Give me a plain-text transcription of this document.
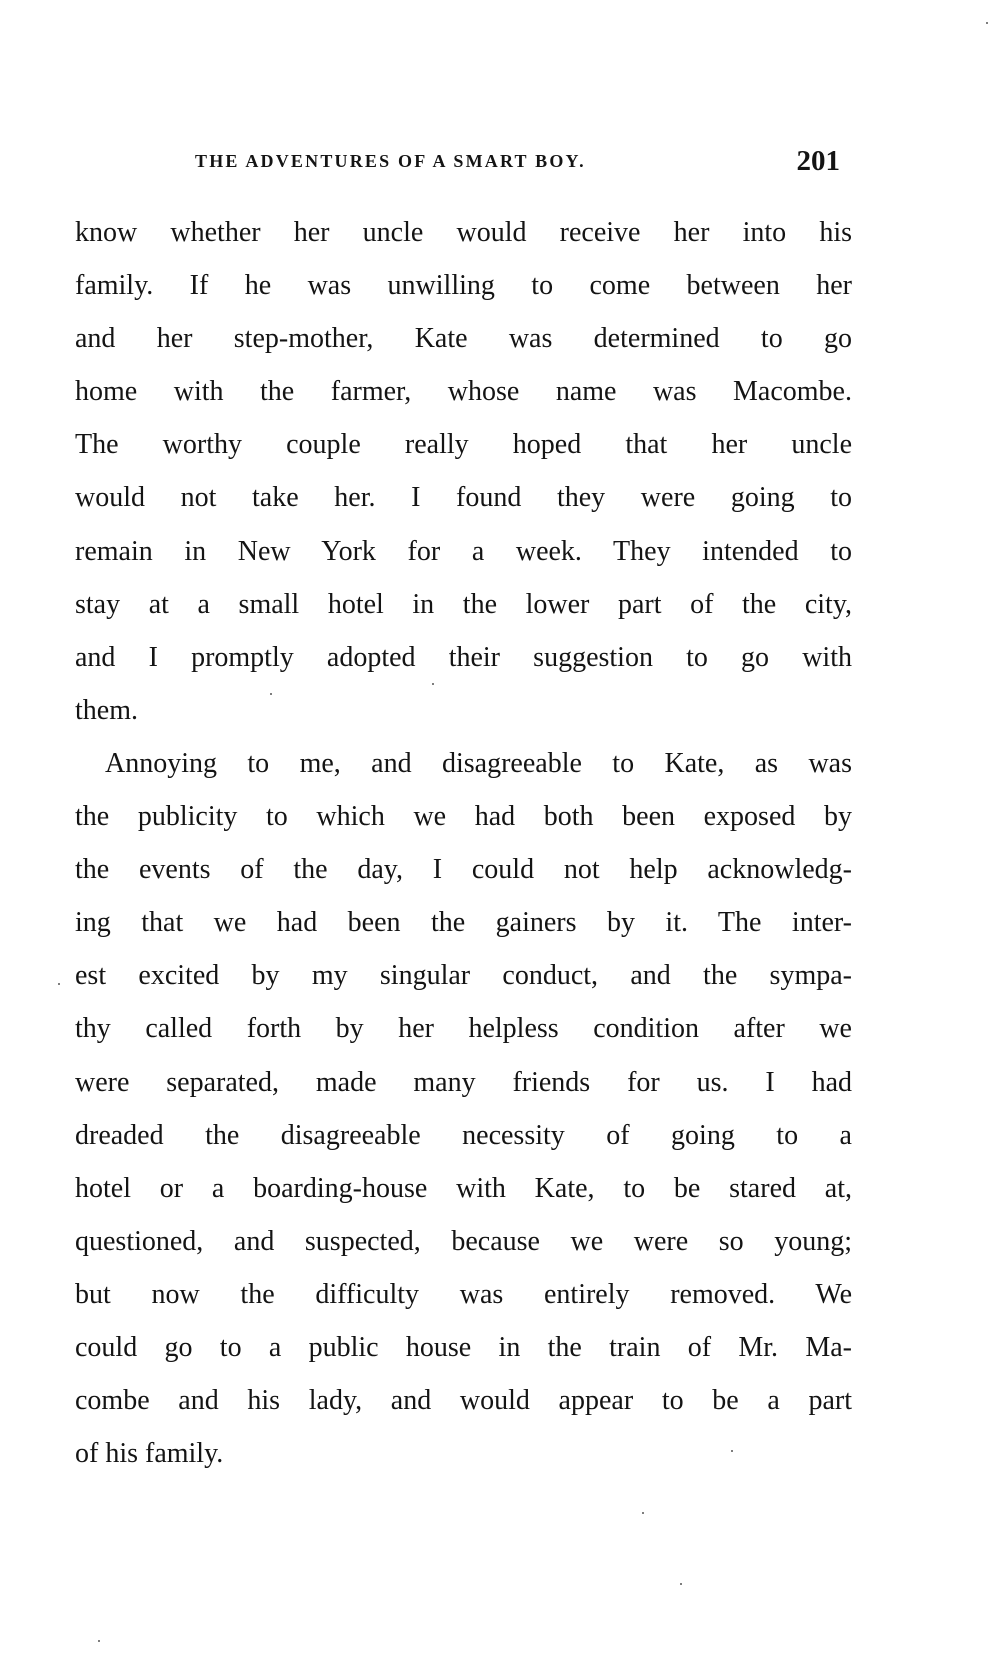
THE ADVENTURES OF A SMART BOY.	201

know whether her uncle would receive her into his
family. If he was unwilling to come between her
and her step-mother, Kate was determined to go
home with the farmer, whose name was Macombe.
The worthy couple really hoped that her uncle
would not take her. I found they were going to
remain in New York for a week. They intended to
stay at a small hotel in the lower part of the city,
and I promptly adopted their suggestion to go with
them.

Annoying to me, and disagreeable to Kate, as was
the publicity to which we had both been exposed by
the events of the day, I could not help acknowledg-
ing that we had been the gainers by it. The inter-
est excited by my singular conduct, and the sympa-
thy called forth by her helpless condition after we
were separated, made many friends for us. I had
dreaded the disagreeable necessity of going to a
hotel or a boarding-house with Kate, to be stared at,
questioned, and suspected, because we were so young;
but now the difficulty was entirely removed. We
could go to a public house in the train of Mr. Ma-
combe and his lady, and would appear to be a part
of his family.
